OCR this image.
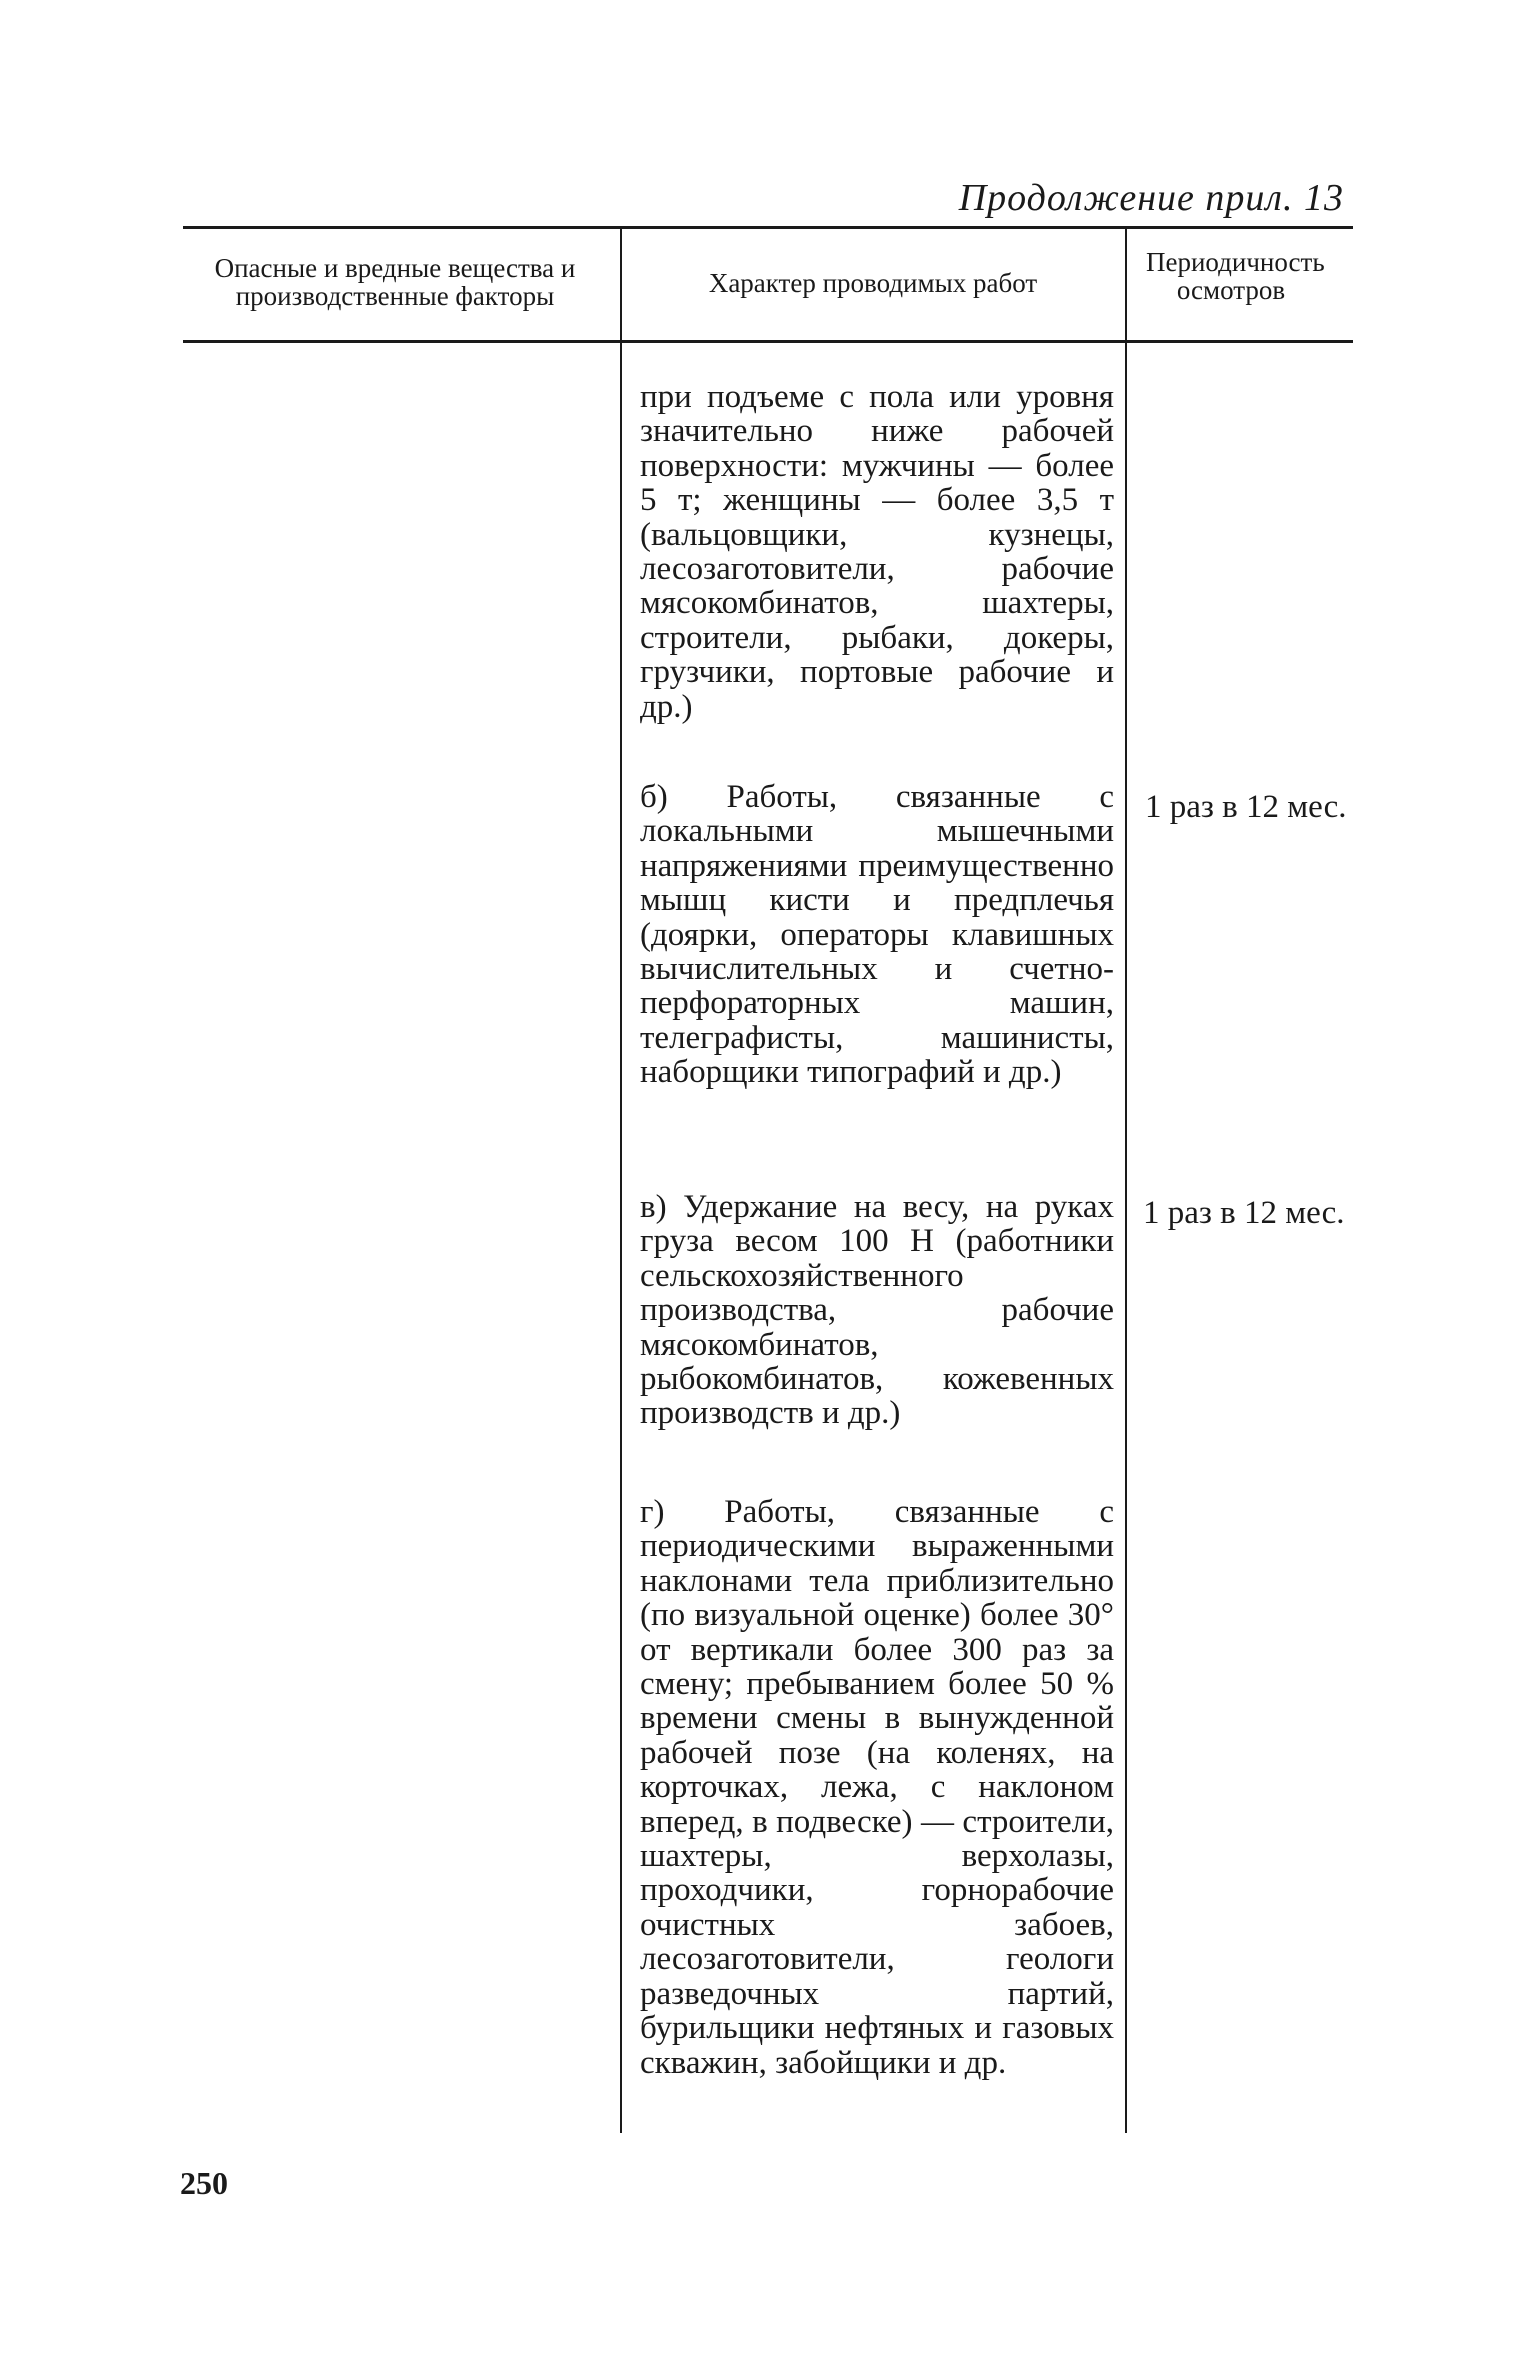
Продолжение прил. 13
Опасные и вредные вещества и производственные факторы	Характер проводимых работ
Периодичность осмотров
при подъеме с пола или уровня значительно ниже рабочей поверхности: мужчины — более 5 т; женщины — более 3,5 т (вальцовщики, кузнецы, лесозаготовители, рабочие мясокомбинатов, шахтеры, строители, рыбаки, докеры, грузчики, портовые рабочие и др.)
б) Работы, связанные с локальными мышечными напряжениями преимущественно мышц кисти и предплечья (доярки, операторы клавишных вычислительных и счетно-перфораторных машин, телеграфисты, машинисты, наборщики типографий и др.)
в) Удержание на весу, на руках груза весом 100 Н (работники сельскохозяйственного производства, рабочие мясокомбинатов, рыбокомбинатов, кожевенных производств и др.)
г) Работы, связанные с периодическими выраженными наклонами тела приблизительно (по визуальной оценке) более 30° от вертикали более 300 раз за смену; пребыванием более 50 % времени смены в вынужденной рабочей позе (на коленях, на корточках, лежа, с наклоном вперед, в подвеске) — строители, шахтеры, верхолазы, проходчики, горнорабочие очистных забоев, лесозаготовители, геологи разведочных партий, бурильщики нефтяных и газовых скважин, забойщики и др.
1 раз в 12 мес.
1 раз в 12 мес.
250
